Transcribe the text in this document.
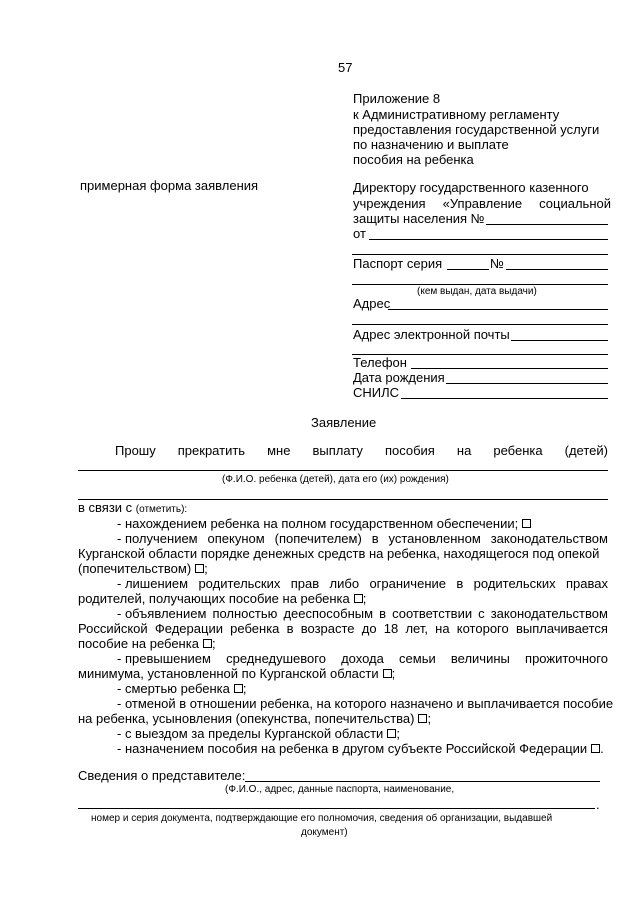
57
Приложение 8
к Административному регламенту
предоставления государственной услуги
по назначению и выплате
пособия на ребенка
примерная форма заявления	Директору государственного казенного
учреждения «Управление социальной
защиты населения №
от
Паспорт серия	№
(кем выдан, дата выдачи)
Адрес
Адрес электронной почты
Телефон
Дата рождения
СНИЛС
Заявление
Прошу прекратить мне выплату пособия на ребенка (детей)
(Ф.И.О. ребенка (детей), дата его (их) рождения)
в связи с (отметить):
- нахождением ребенка на полном государственном обеспечении;
- получением опекуном (попечителем) в установленном законодательством
Курганской области порядке денежных средств на ребенка, находящегося под опекой
(попечительством) ;
- лишением родительских прав либо ограничение в родительских правах
родителей, получающих пособие на ребенка ;
- объявлением полностью дееспособным в соответствии с законодательством
Российской Федерации ребенка в возрасте до 18 лет, на которого выплачивается
пособие на ребенка ;
- превышением среднедушевого дохода семьи величины прожиточного
минимума, установленной по Курганской области ;
- смертью ребенка ;
- отменой в отношении ребенка, на которого назначено и выплачивается пособие
на ребенка, усыновления (опекунства, попечительства) ;
- с выездом за пределы Курганской области ;
- назначением пособия на ребенка в другом субъекте Российской Федерации .
Сведения о представителе:
(Ф.И.О., адрес, данные паспорта, наименование,
.
номер и серия документа, подтверждающие его полномочия, сведения об организации, выдавшей
документ)
